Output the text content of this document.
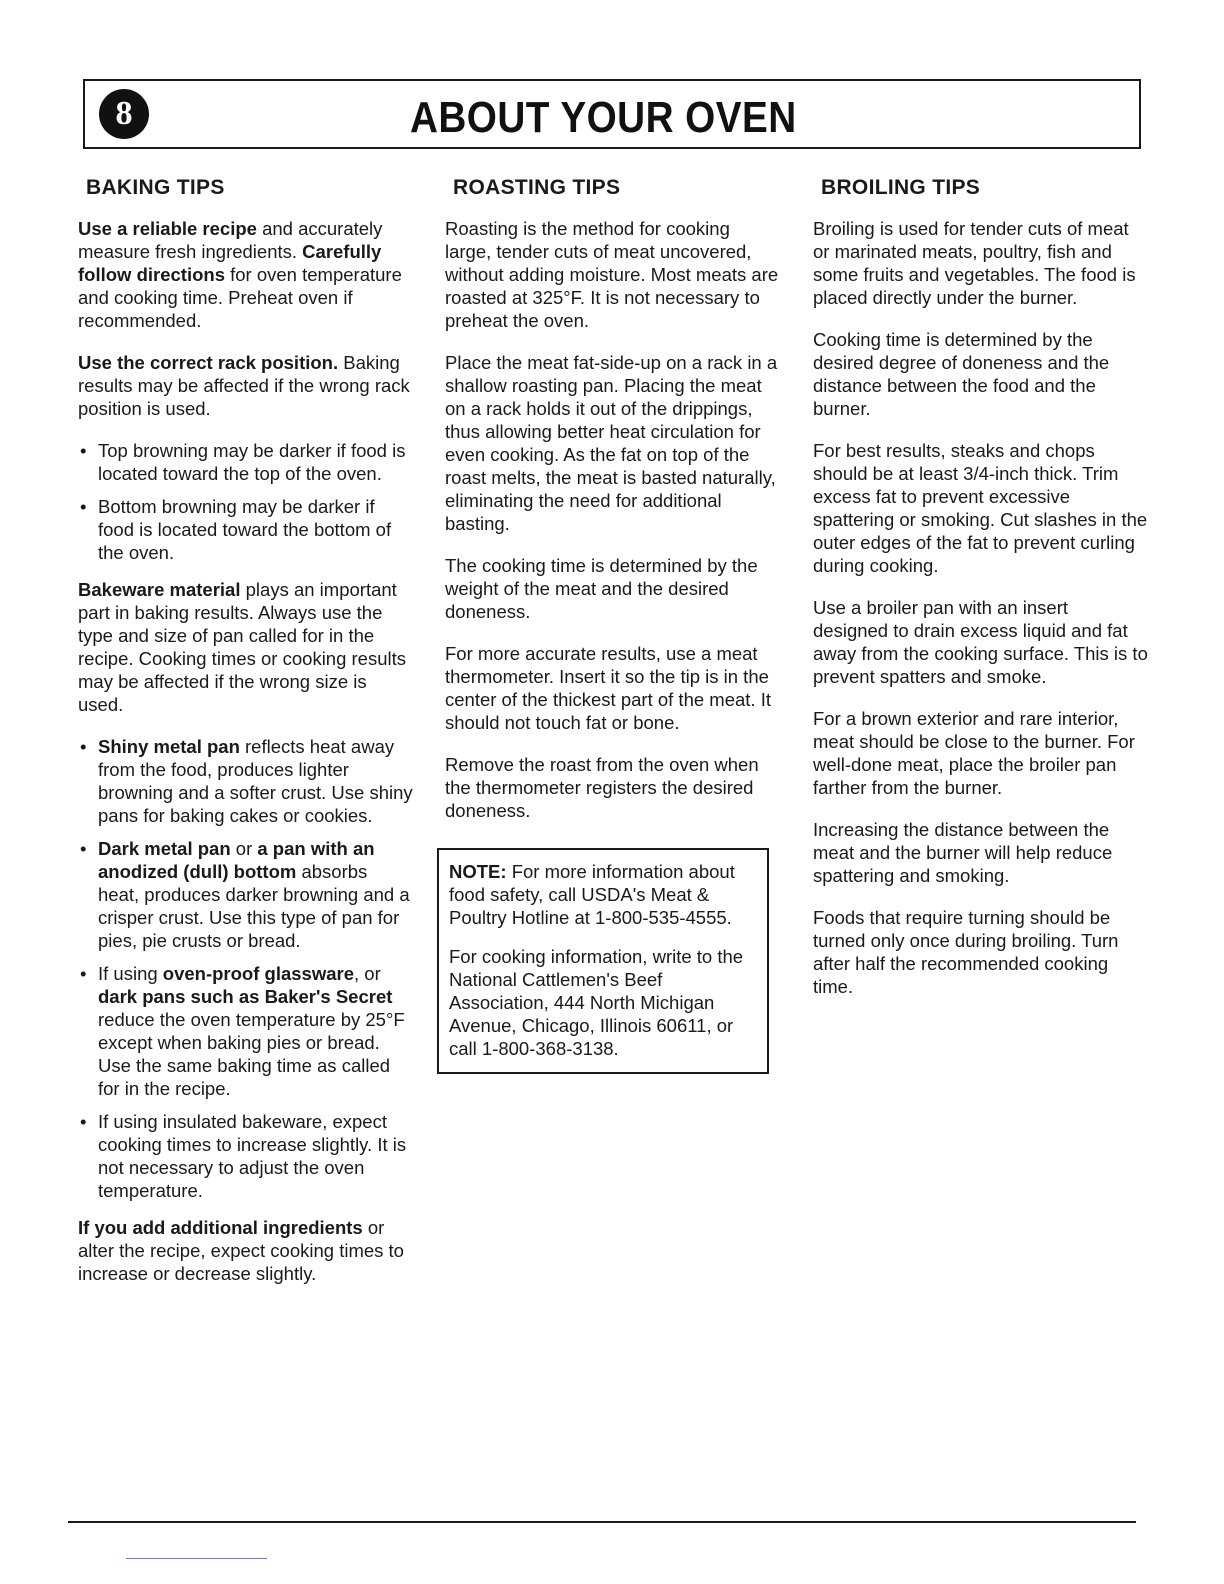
8	ABOUT YOUR OVEN
BAKING TIPS

Use a reliable recipe and accurately measure fresh ingredients. Carefully follow directions for oven temperature and cooking time. Preheat oven if recommended.

Use the correct rack position. Baking results may be affected if the wrong rack position is used.

• Top browning may be darker if food is located toward the top of the oven.
• Bottom browning may be darker if food is located toward the bottom of the oven.

Bakeware material plays an important part in baking results. Always use the type and size of pan called for in the recipe. Cooking times or cooking results may be affected if the wrong size is used.

• Shiny metal pan reflects heat away from the food, produces lighter browning and a softer crust. Use shiny pans for baking cakes or cookies.
• Dark metal pan or a pan with an anodized (dull) bottom absorbs heat, produces darker browning and a crisper crust. Use this type of pan for pies, pie crusts or bread.
• If using oven-proof glassware, or dark pans such as Baker's Secret reduce the oven temperature by 25°F except when baking pies or bread. Use the same baking time as called for in the recipe.
• If using insulated bakeware, expect cooking times to increase slightly. It is not necessary to adjust the oven temperature.

If you add additional ingredients or alter the recipe, expect cooking times to increase or decrease slightly.

ROASTING TIPS

Roasting is the method for cooking large, tender cuts of meat uncovered, without adding moisture. Most meats are roasted at 325°F. It is not necessary to preheat the oven.

Place the meat fat-side-up on a rack in a shallow roasting pan. Placing the meat on a rack holds it out of the drippings, thus allowing better heat circulation for even cooking. As the fat on top of the roast melts, the meat is basted naturally, eliminating the need for additional basting.

The cooking time is determined by the weight of the meat and the desired doneness.

For more accurate results, use a meat thermometer. Insert it so the tip is in the center of the thickest part of the meat. It should not touch fat or bone.

Remove the roast from the oven when the thermometer registers the desired doneness.

NOTE: For more information about food safety, call USDA's Meat & Poultry Hotline at 1-800-535-4555.

For cooking information, write to the National Cattlemen's Beef Association, 444 North Michigan Avenue, Chicago, Illinois 60611, or call 1-800-368-3138.

BROILING TIPS

Broiling is used for tender cuts of meat or marinated meats, poultry, fish and some fruits and vegetables. The food is placed directly under the burner.

Cooking time is determined by the desired degree of doneness and the distance between the food and the burner.

For best results, steaks and chops should be at least 3/4-inch thick. Trim excess fat to prevent excessive spattering or smoking. Cut slashes in the outer edges of the fat to prevent curling during cooking.

Use a broiler pan with an insert designed to drain excess liquid and fat away from the cooking surface. This is to prevent spatters and smoke.

For a brown exterior and rare interior, meat should be close to the burner. For well-done meat, place the broiler pan farther from the burner.

Increasing the distance between the meat and the burner will help reduce spattering and smoking.

Foods that require turning should be turned only once during broiling. Turn after half the recommended cooking time.
